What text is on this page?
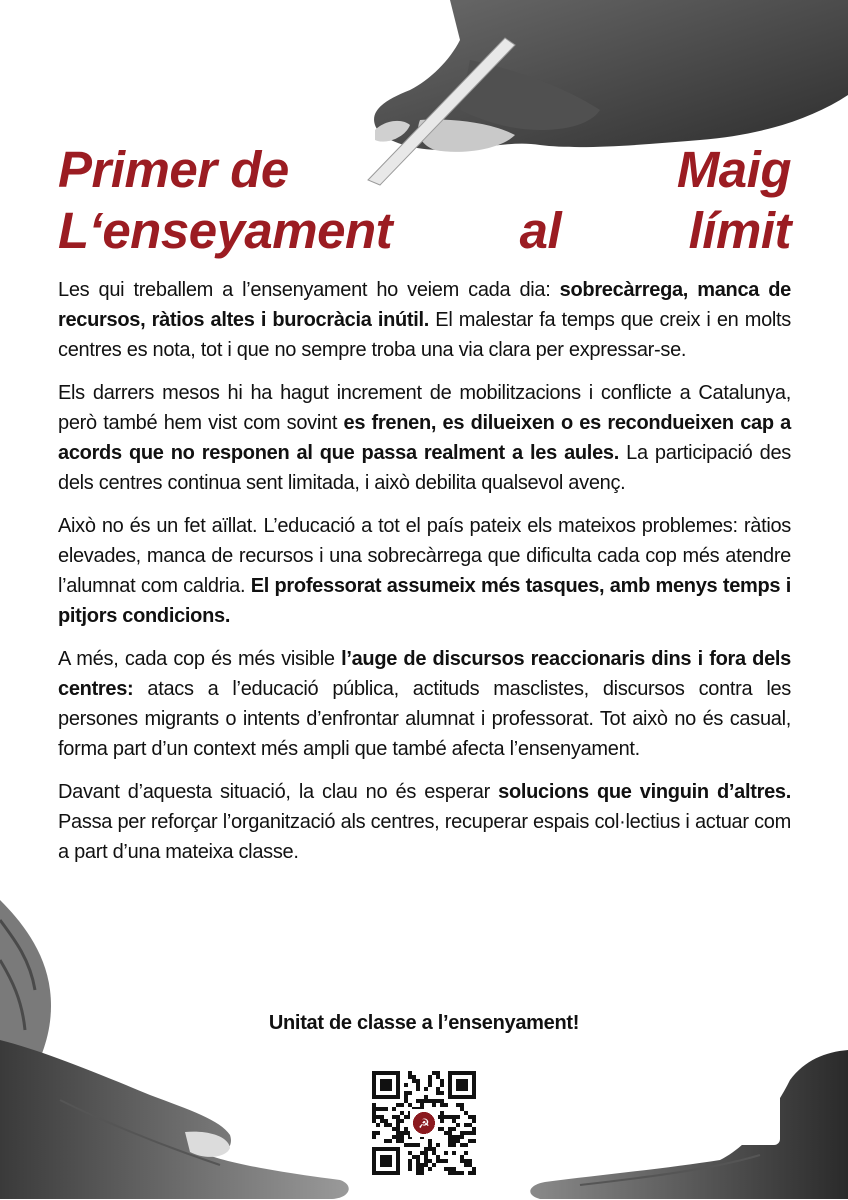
Primer de	Maig
L‘enseyament al límit

Les qui treballem a l’ensenyament ho veiem cada dia: sobrecàrrega, manca de recursos, ràtios altes i burocràcia inútil. El malestar fa temps que creix i en molts centres es nota, tot i que no sempre troba una via clara per expressar-se.

Els darrers mesos hi ha hagut increment de mobilitzacions i conflicte a Catalunya, però també hem vist com sovint es frenen, es dilueixen o es recondueixen cap a acords que no responen al que passa realment a les aules. La participació des dels centres continua sent limitada, i això debilita qualsevol avenç.

Això no és un fet aïllat. L’educació a tot el país pateix els mateixos problemes: ràtios elevades, manca de recursos i una sobrecàrrega que dificulta cada cop més atendre l’alumnat com caldria. El professorat assumeix més tasques, amb menys temps i pitjors condicions.

A més, cada cop és més visible l’auge de discursos reaccionaris dins i fora dels centres: atacs a l’educació pública, actituds masclistes, discursos contra les persones migrants o intents d’enfrontar alumnat i professorat. Tot això no és casual, forma part d’un context més ampli que també afecta l’ensenyament.

Davant d’aquesta situació, la clau no és esperar solucions que vinguin d’altres. Passa per reforçar l’organització als centres, recuperar espais col·lectius i actuar com a part d’una mateixa classe.

Unitat de classe a l’ensenyament!
☭
